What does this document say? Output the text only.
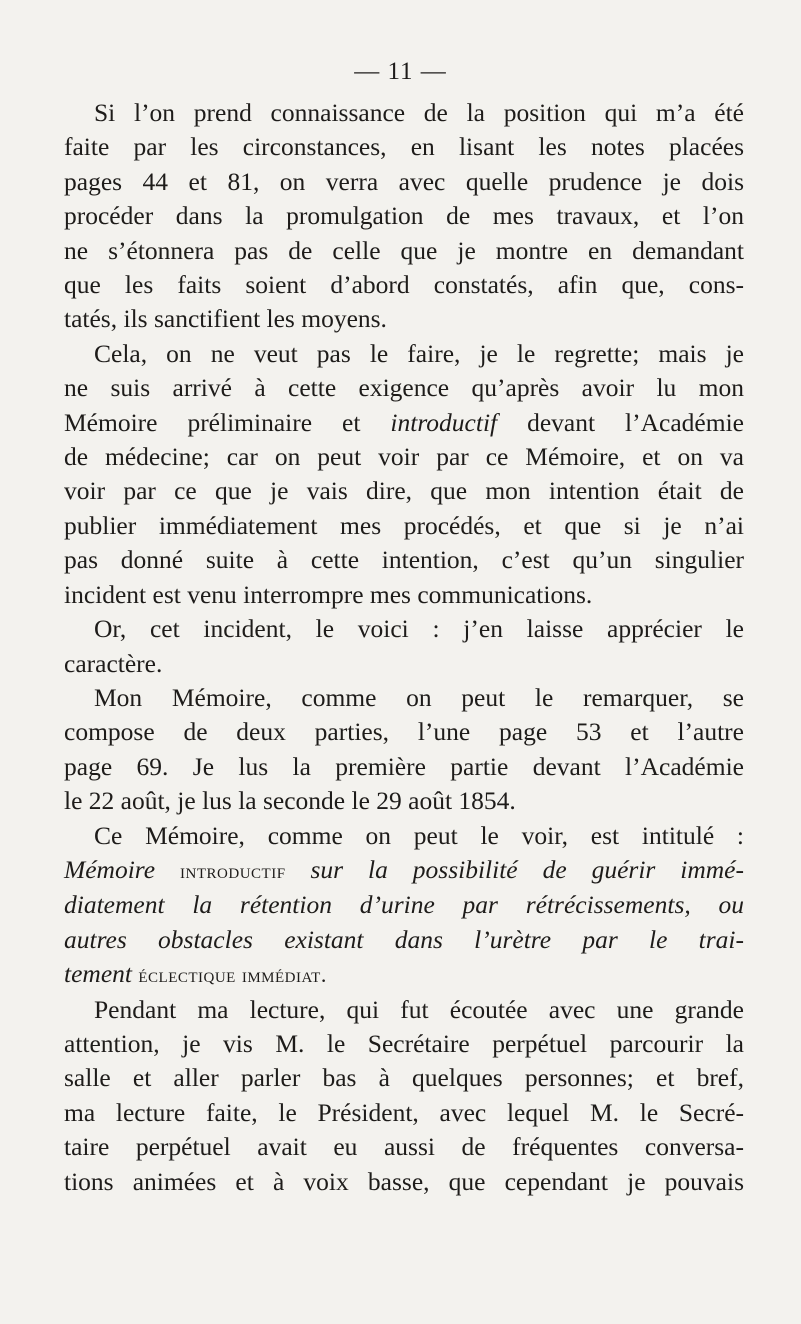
— 11 —

Si l’on prend connaissance de la position qui m’a été
faite par les circonstances, en lisant les notes placées
pages 44 et 81, on verra avec quelle prudence je dois
procéder dans la promulgation de mes travaux, et l’on
ne s’étonnera pas de celle que je montre en demandant
que les faits soient d’abord constatés, afin que, cons-
tatés, ils sanctifient les moyens.

Cela, on ne veut pas le faire, je le regrette; mais je
ne suis arrivé à cette exigence qu’après avoir lu mon
Mémoire préliminaire et introductif devant l’Académie
de médecine; car on peut voir par ce Mémoire, et on va
voir par ce que je vais dire, que mon intention était de
publier immédiatement mes procédés, et que si je n’ai
pas donné suite à cette intention, c’est qu’un singulier
incident est venu interrompre mes communications.

Or, cet incident, le voici : j’en laisse apprécier le
caractère.

Mon Mémoire, comme on peut le remarquer, se
compose de deux parties, l’une page 53 et l’autre
page 69. Je lus la première partie devant l’Académie
le 22 août, je lus la seconde le 29 août 1854.

Ce Mémoire, comme on peut le voir, est intitulé :
Mémoire introductif sur la possibilité de guérir immé-
diatement la rétention d’urine par rétrécissements, ou
autres obstacles existant dans l’urètre par le trai-
tement éclectique immédiat.

Pendant ma lecture, qui fut écoutée avec une grande
attention, je vis M. le Secrétaire perpétuel parcourir la
salle et aller parler bas à quelques personnes; et bref,
ma lecture faite, le Président, avec lequel M. le Secré-
taire perpétuel avait eu aussi de fréquentes conversa-
tions animées et à voix basse, que cependant je pouvais
